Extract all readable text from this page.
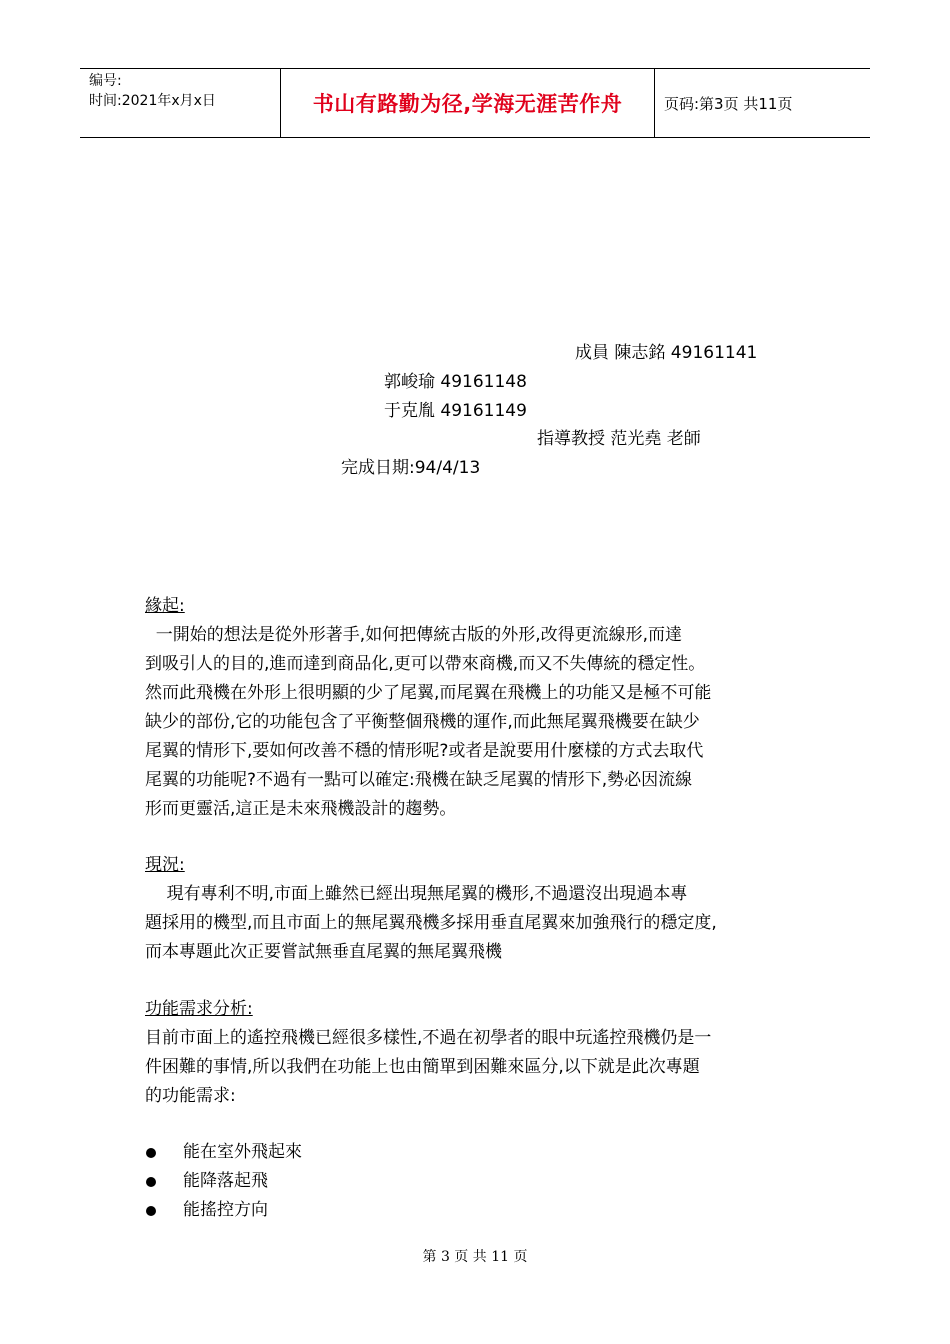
编号:
时间:2021年x月x日	书山有路勤为径,学海无涯苦作舟	页码:第3页 共11页
成員 陳志銘 49161141
郭峻瑜 49161148
于克胤 49161149
指導教授 范光堯 老師
完成日期:94/4/13

緣起:

一開始的想法是從外形著手,如何把傳統古版的外形,改得更流線形,而達

到吸引人的目的,進而達到商品化,更可以帶來商機,而又不失傳統的穩定性。

然而此飛機在外形上很明顯的少了尾翼,而尾翼在飛機上的功能又是極不可能

缺少的部份,它的功能包含了平衡整個飛機的運作,而此無尾翼飛機要在缺少

尾翼的情形下,要如何改善不穩的情形呢?或者是說要用什麼樣的方式去取代

尾翼的功能呢?不過有一點可以確定:飛機在缺乏尾翼的情形下,勢必因流線

形而更靈活,這正是未來飛機設計的趨勢。

現況:

現有專利不明,市面上雖然已經出現無尾翼的機形,不過還沒出現過本專

題採用的機型,而且市面上的無尾翼飛機多採用垂直尾翼來加強飛行的穩定度,

而本專題此次正要嘗試無垂直尾翼的無尾翼飛機

功能需求分析:

目前市面上的遙控飛機已經很多樣性,不過在初學者的眼中玩遙控飛機仍是一

件困難的事情,所以我們在功能上也由簡單到困難來區分,以下就是此次專題

的功能需求:

能在室外飛起來
能降落起飛
能搖控方向
第 3 页 共 11 页
